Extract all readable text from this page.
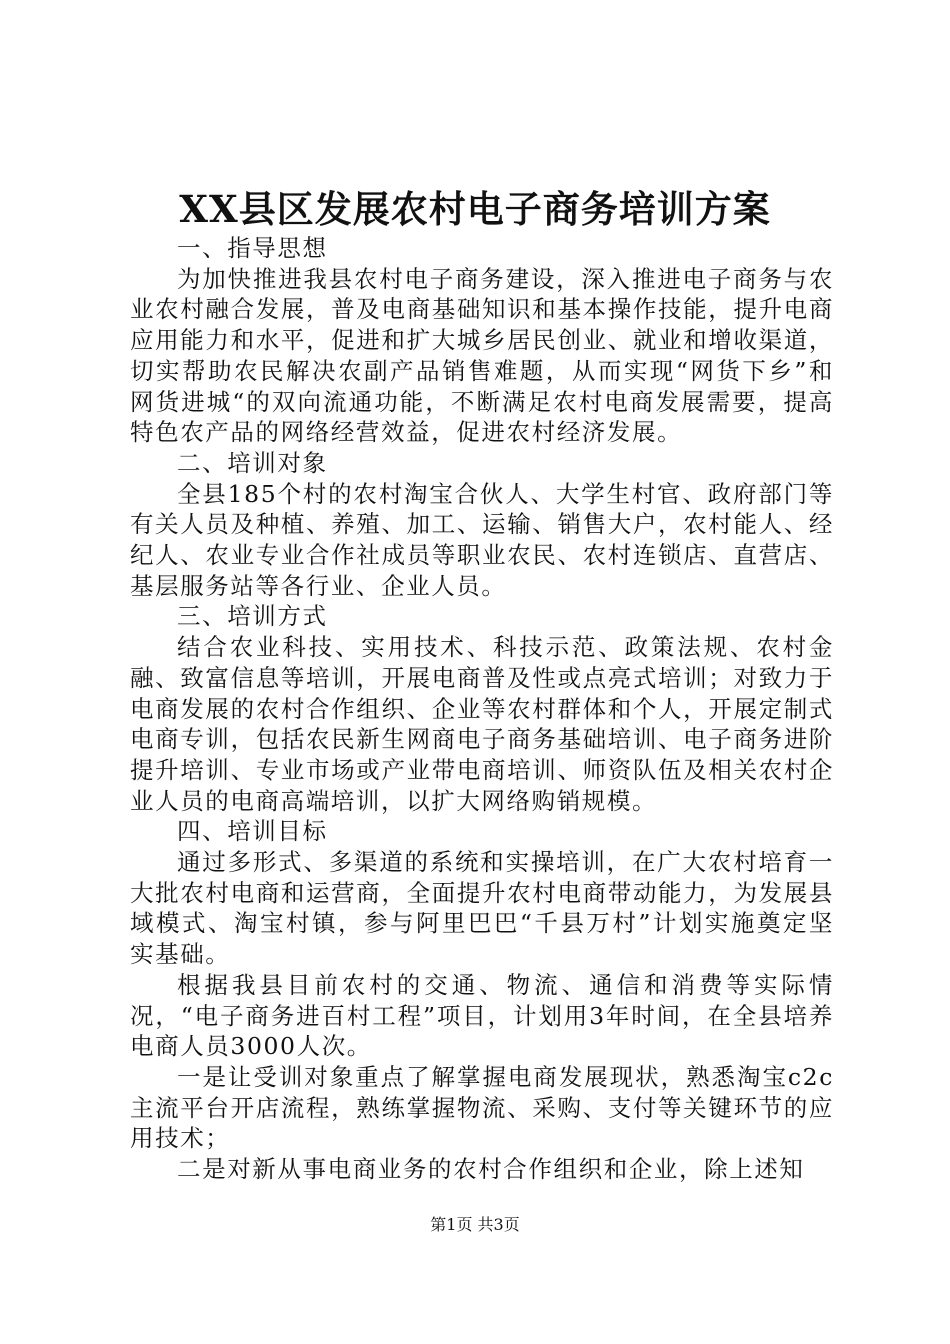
XX县区发展农村电子商务培训方案

一、指导思想

为加快推进我县农村电子商务建设，深入推进电子商务与农业农村融合发展，普及电商基础知识和基本操作技能，提升电商应用能力和水平，促进和扩大城乡居民创业、就业和增收渠道，切实帮助农民解决农副产品销售难题，从而实现“网货下乡”和网货进城“的双向流通功能，不断满足农村电商发展需要，提高特色农产品的网络经营效益，促进农村经济发展。

二、培训对象

全县185个村的农村淘宝合伙人、大学生村官、政府部门等有关人员及种植、养殖、加工、运输、销售大户，农村能人、经纪人、农业专业合作社成员等职业农民、农村连锁店、直营店、基层服务站等各行业、企业人员。

三、培训方式

结合农业科技、实用技术、科技示范、政策法规、农村金融、致富信息等培训，开展电商普及性或点亮式培训；对致力于电商发展的农村合作组织、企业等农村群体和个人，开展定制式电商专训，包括农民新生网商电子商务基础培训、电子商务进阶提升培训、专业市场或产业带电商培训、师资队伍及相关农村企业人员的电商高端培训，以扩大网络购销规模。

四、培训目标

通过多形式、多渠道的系统和实操培训，在广大农村培育一大批农村电商和运营商，全面提升农村电商带动能力，为发展县域模式、淘宝村镇，参与阿里巴巴“千县万村”计划实施奠定坚实基础。

根据我县目前农村的交通、物流、通信和消费等实际情况，“电子商务进百村工程”项目，计划用3年时间，在全县培养电商人员3000人次。

一是让受训对象重点了解掌握电商发展现状，熟悉淘宝c2c主流平台开店流程，熟练掌握物流、采购、支付等关键环节的应用技术；

二是对新从事电商业务的农村合作组织和企业，除上述知

第1页 共3页
